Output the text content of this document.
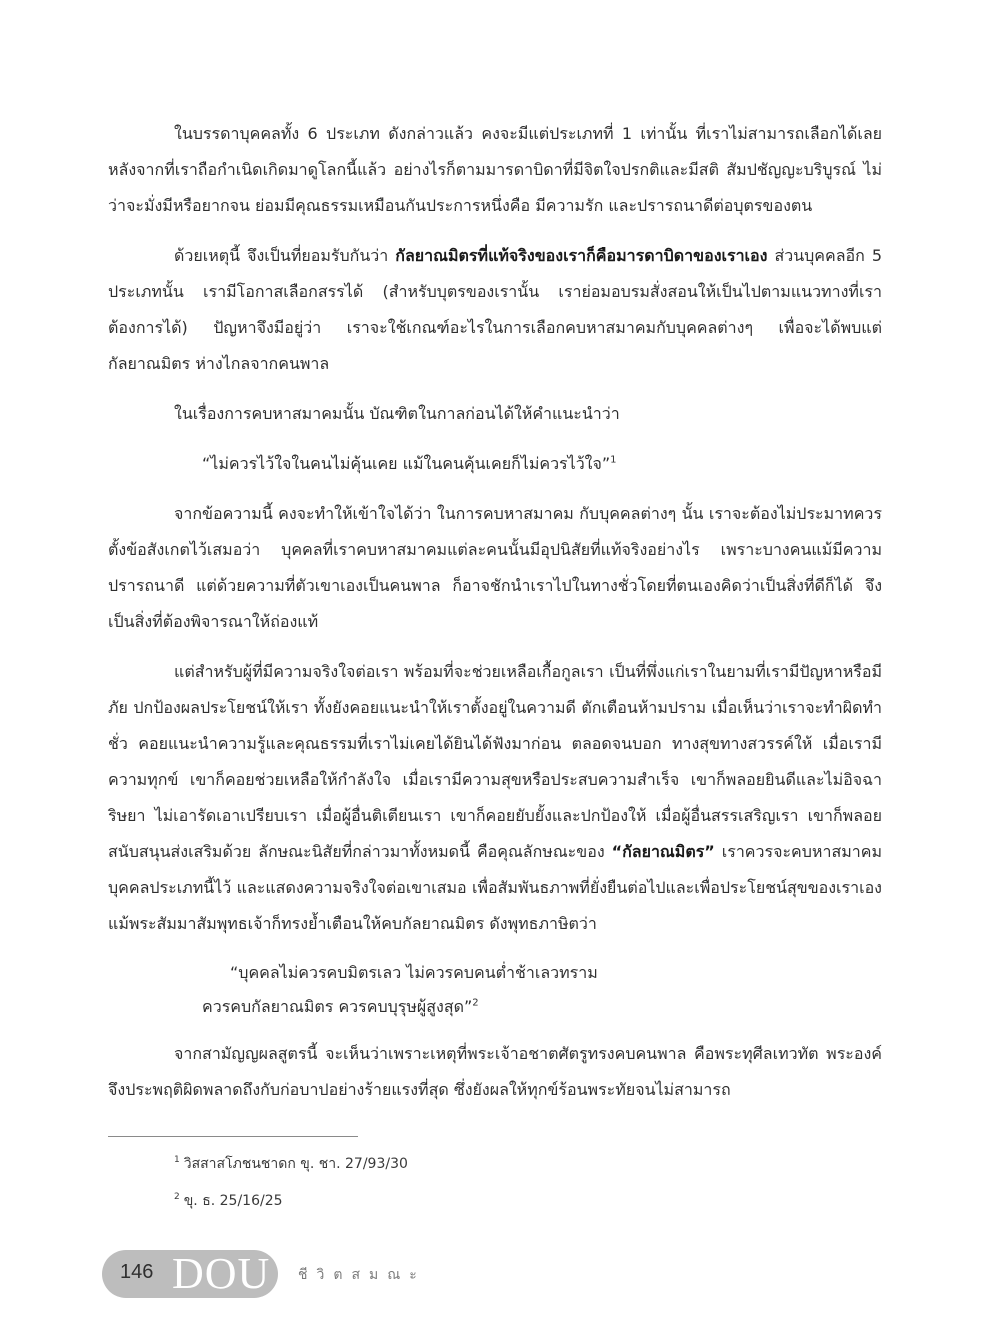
ในบรรดาบุคคลทั้ง 6 ประเภท ดังกล่าวแล้ว คงจะมีแต่ประเภทที่ 1 เท่านั้น ที่เราไม่สามารถเลือกได้เลย หลังจากที่เราถือกำเนิดเกิดมาดูโลกนี้แล้ว อย่างไรก็ตามมารดาบิดาที่มีจิตใจปรกติและมีสติ สัมปชัญญะบริบูรณ์ ไม่ว่าจะมั่งมีหรือยากจน ย่อมมีคุณธรรมเหมือนกันประการหนึ่งคือ มีความรัก และปรารถนาดีต่อบุตรของตน

ด้วยเหตุนี้ จึงเป็นที่ยอมรับกันว่า กัลยาณมิตรที่แท้จริงของเราก็คือมารดาบิดาของเราเอง ส่วนบุคคลอีก 5 ประเภทนั้น เรามีโอกาสเลือกสรรได้ (สำหรับบุตรของเรานั้น เราย่อมอบรมสั่งสอนให้เป็นไปตามแนวทางที่เราต้องการได้) ปัญหาจึงมีอยู่ว่า เราจะใช้เกณฑ์อะไรในการเลือกคบหาสมาคมกับบุคคลต่างๆ เพื่อจะได้พบแต่กัลยาณมิตร ห่างไกลจากคนพาล

ในเรื่องการคบหาสมาคมนั้น บัณฑิตในกาลก่อนได้ให้คำแนะนำว่า

“ไม่ควรไว้ใจในคนไม่คุ้นเคย แม้ในคนคุ้นเคยก็ไม่ควรไว้ใจ”$^1$

จากข้อความนี้ คงจะทำให้เข้าใจได้ว่า ในการคบหาสมาคม กับบุคคลต่างๆ นั้น เราจะต้องไม่ประมาทควรตั้งข้อสังเกตไว้เสมอว่า บุคคลที่เราคบหาสมาคมแต่ละคนนั้นมีอุปนิสัยที่แท้จริงอย่างไร เพราะบางคนแม้มีความปรารถนาดี แต่ด้วยความที่ตัวเขาเองเป็นคนพาล ก็อาจชักนำเราไปในทางชั่วโดยที่ตนเองคิดว่าเป็นสิ่งที่ดีก็ได้ จึงเป็นสิ่งที่ต้องพิจารณาให้ถ่องแท้

แต่สำหรับผู้ที่มีความจริงใจต่อเรา พร้อมที่จะช่วยเหลือเกื้อกูลเรา เป็นที่พึ่งแก่เราในยามที่เรามีปัญหาหรือมีภัย ปกป้องผลประโยชน์ให้เรา ทั้งยังคอยแนะนำให้เราตั้งอยู่ในความดี ตักเตือนห้ามปราม เมื่อเห็นว่าเราจะทำผิดทำชั่ว คอยแนะนำความรู้และคุณธรรมที่เราไม่เคยได้ยินได้ฟังมาก่อน ตลอดจนบอก ทางสุขทางสวรรค์ให้ เมื่อเรามีความทุกข์ เขาก็คอยช่วยเหลือให้กำลังใจ เมื่อเรามีความสุขหรือประสบความสำเร็จ เขาก็พลอยยินดีและไม่อิจฉาริษยา ไม่เอารัดเอาเปรียบเรา เมื่อผู้อื่นติเตียนเรา เขาก็คอยยับยั้งและปกป้องให้ เมื่อผู้อื่นสรรเสริญเรา เขาก็พลอยสนับสนุนส่งเสริมด้วย ลักษณะนิสัยที่กล่าวมาทั้งหมดนี้ คือคุณลักษณะของ “กัลยาณมิตร” เราควรจะคบหาสมาคมบุคคลประเภทนี้ไว้ และแสดงความจริงใจต่อเขาเสมอ เพื่อสัมพันธภาพที่ยั่งยืนต่อไปและเพื่อประโยชน์สุขของเราเอง แม้พระสัมมาสัมพุทธเจ้าก็ทรงย้ำเตือนให้คบกัลยาณมิตร ดังพุทธภาษิตว่า

“บุคคลไม่ควรคบมิตรเลว ไม่ควรคบคนต่ำช้าเลวทราม
ควรคบกัลยาณมิตร ควรคบบุรุษผู้สูงสุด”$^2$

จากสามัญญผลสูตรนี้ จะเห็นว่าเพราะเหตุที่พระเจ้าอชาตศัตรูทรงคบคนพาล คือพระทุศีลเทวทัต พระองค์จึงประพฤติผิดพลาดถึงกับก่อบาปอย่างร้ายแรงที่สุด ซึ่งยังผลให้ทุกข์ร้อนพระทัยจนไม่สามารถ

$^1$ วิสสาสโภชนชาดก ขุ. ชา. 27/93/30

$^2$ ขุ. ธ. 25/16/25

146 DOU ชีวิตสมณะ
